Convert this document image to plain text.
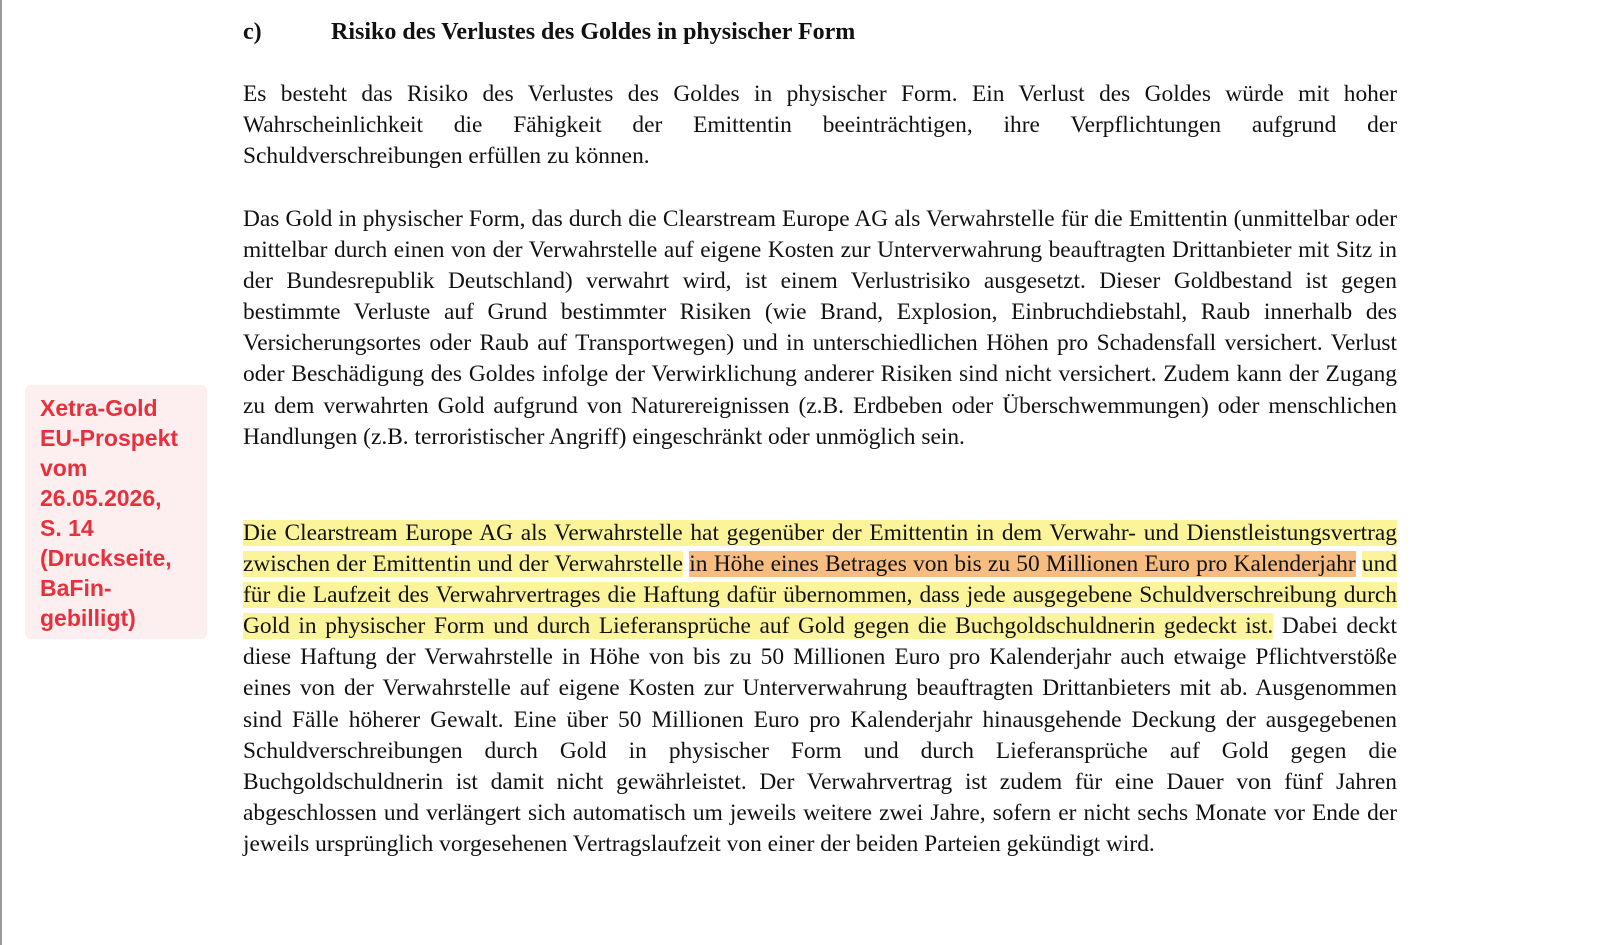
c)	Risiko des Verlustes des Goldes in physischer Form

Es besteht das Risiko des Verlustes des Goldes in physischer Form. Ein Verlust des Goldes würde mit hoher Wahrscheinlichkeit die Fähigkeit der Emittentin beeinträchtigen, ihre Verpflichtungen aufgrund der Schuldverschreibungen erfüllen zu können.

Das Gold in physischer Form, das durch die Clearstream Europe AG als Verwahrstelle für die Emittentin (unmittelbar oder mittelbar durch einen von der Verwahrstelle auf eigene Kosten zur Unterverwahrung beauftragten Drittanbieter mit Sitz in der Bundesrepublik Deutschland) verwahrt wird, ist einem Verlustrisiko ausgesetzt. Dieser Goldbestand ist gegen bestimmte Verluste auf Grund bestimmter Risiken (wie Brand, Explosion, Einbruchdiebstahl, Raub innerhalb des Versicherungsortes oder Raub auf Transportwegen) und in unterschiedlichen Höhen pro Schadensfall versichert. Verlust oder Beschädigung des Goldes infolge der Verwirklichung anderer Risiken sind nicht versichert. Zudem kann der Zugang zu dem verwahrten Gold aufgrund von Naturereignissen (z.B. Erdbeben oder Überschwemmungen) oder menschlichen Handlungen (z.B. terroristischer Angriff) eingeschränkt oder unmöglich sein.

Die Clearstream Europe AG als Verwahrstelle hat gegenüber der Emittentin in dem Verwahr- und Dienstleistungsvertrag zwischen der Emittentin und der Verwahrstelle in Höhe eines Betrages von bis zu 50 Millionen Euro pro Kalenderjahr und für die Laufzeit des Verwahrvertrages die Haftung dafür übernommen, dass jede ausgegebene Schuldverschreibung durch Gold in physischer Form und durch Lieferansprüche auf Gold gegen die Buchgoldschuldnerin gedeckt ist. Dabei deckt diese Haftung der Verwahrstelle in Höhe von bis zu 50 Millionen Euro pro Kalenderjahr auch etwaige Pflichtverstöße eines von der Verwahrstelle auf eigene Kosten zur Unterverwahrung beauftragten Drittanbieters mit ab. Ausgenommen sind Fälle höherer Gewalt. Eine über 50 Millionen Euro pro Kalenderjahr hinausgehende Deckung der ausgegebenen Schuldverschreibungen durch Gold in physischer Form und durch Lieferansprüche auf Gold gegen die Buchgoldschuldnerin ist damit nicht gewährleistet. Der Verwahrvertrag ist zudem für eine Dauer von fünf Jahren abgeschlossen und verlängert sich automatisch um jeweils weitere zwei Jahre, sofern er nicht sechs Monate vor Ende der jeweils ursprünglich vorgesehenen Vertragslaufzeit von einer der beiden Parteien gekündigt wird.

Xetra-Gold
EU-Prospekt
vom
26.05.2026,
S. 14
(Druckseite,
BaFin-
gebilligt)
